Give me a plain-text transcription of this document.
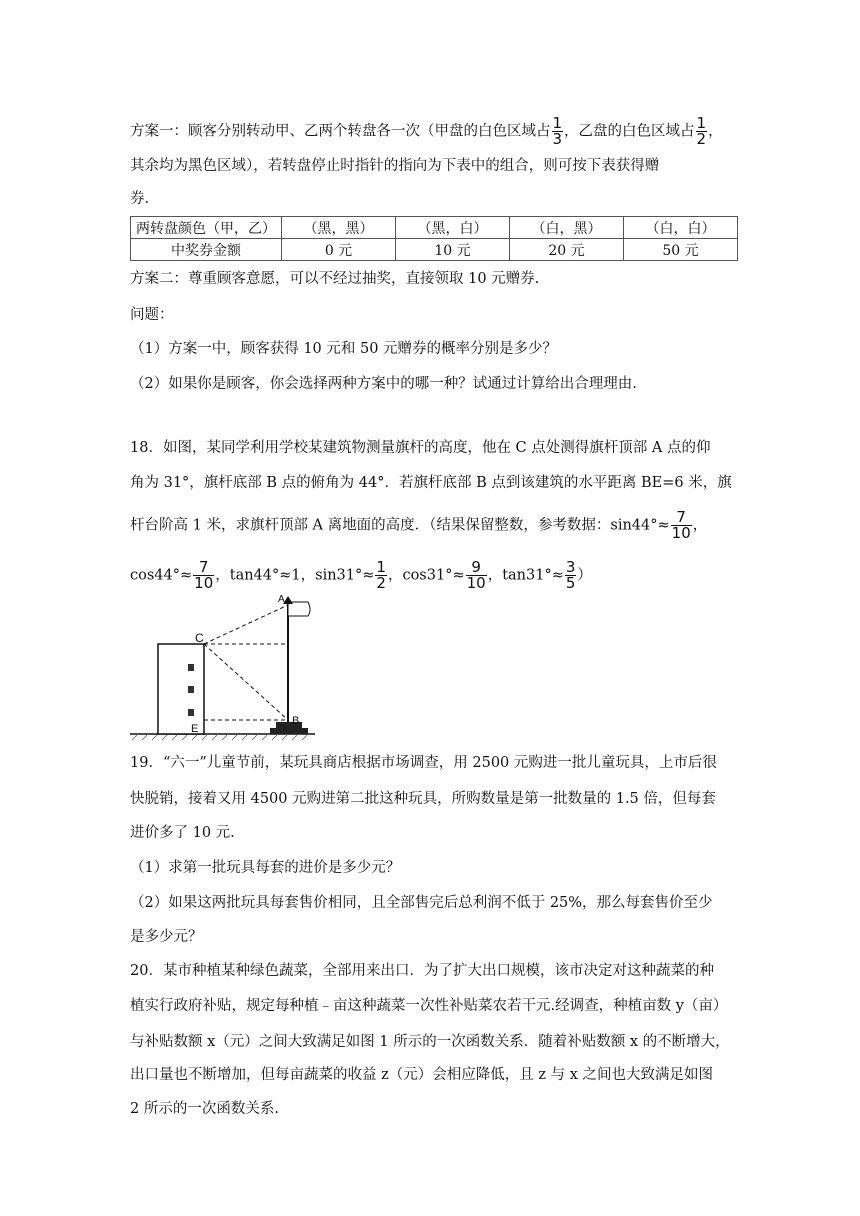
方案一：顾客分别转动甲、乙两个转盘各一次（甲盘的白色区域占 $\frac{1}{3}$ ，乙盘的白色区域占 $\frac{1}{2}$ ，
其余均为黑色区域），若转盘停止时指针的指向为下表中的组合，则可按下表获得赠
券.
两转盘颜色（甲，乙）	（黑，黑）	（黑，白）	（白，黑）	（白，白）
中奖券金额	0 元	10 元	20 元	50 元
方案二：尊重顾客意愿，可以不经过抽奖，直接领取 10 元赠券.
问题：
（1）方案一中，顾客获得 10 元和 50 元赠券的概率分别是多少？
（2）如果你是顾客，你会选择两种方案中的哪一种？试通过计算给出合理理由.
18．如图，某同学利用学校某建筑物测量旗杆的高度，他在 C 点处测得旗杆顶部 A 点的仰
角为 31°，旗杆底部 B 点的俯角为 44°．若旗杆底部 B 点到该建筑的水平距离 BE=6 米，旗
杆台阶高 1 米，求旗杆顶部 A 离地面的高度．（结果保留整数，参考数据：$\sin 44^\circ\approx \frac{7}{10}$ ，
$\cos 44^\circ\approx \frac{7}{10}$ ，tan44°≈1，$\sin 31^\circ\approx \frac{1}{2}$ ，$\cos 31^\circ\approx \frac{9}{10}$ ，$\tan 31^\circ\approx \frac{3}{5}$ ）
C
E
B
A
19．“六一”儿童节前，某玩具商店根据市场调查，用 2500 元购进一批儿童玩具，上市后很
快脱销，接着又用 4500 元购进第二批这种玩具，所购数量是第一批数量的 1.5 倍，但每套
进价多了 10 元.
（1）求第一批玩具每套的进价是多少元？
（2）如果这两批玩具每套售价相同，且全部售完后总利润不低于 25%，那么每套售价至少
是多少元？
20．某市种植某种绿色蔬菜，全部用来出口．为了扩大出口规模，该市决定对这种蔬菜的种
植实行政府补贴，规定每种植﹣亩这种蔬菜一次性补贴菜农若干元.经调查，种植亩数 y（亩）
与补贴数额 x（元）之间大致满足如图 1 所示的一次函数关系．随着补贴数额 x 的不断增大，
出口量也不断增加，但每亩蔬菜的收益 z（元）会相应降低，且 z 与 x 之间也大致满足如图
2 所示的一次函数关系.
